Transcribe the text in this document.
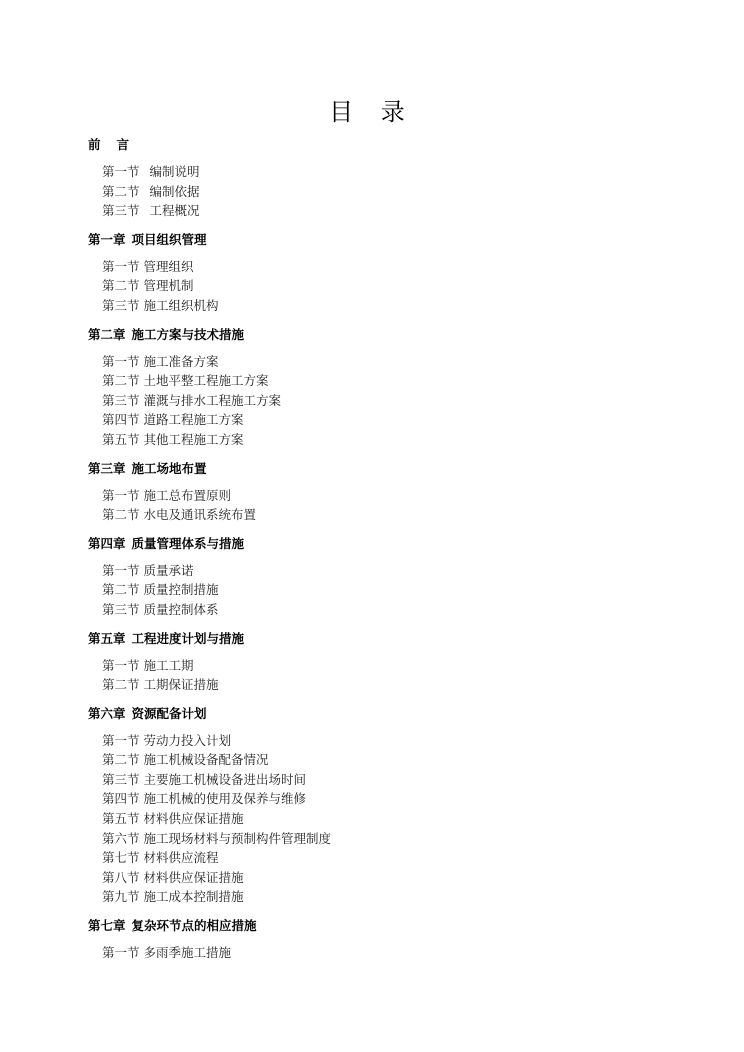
目 录
前 言
第一节 编制说明
第二节 编制依据
第三节 工程概况
第一章 项目组织管理
第一节 管理组织
第二节 管理机制
第三节 施工组织机构
第二章 施工方案与技术措施
第一节 施工准备方案
第二节 土地平整工程施工方案
第三节 灌溉与排水工程施工方案
第四节 道路工程施工方案
第五节 其他工程施工方案
第三章 施工场地布置
第一节 施工总布置原则
第二节 水电及通讯系统布置
第四章 质量管理体系与措施
第一节 质量承诺
第二节 质量控制措施
第三节 质量控制体系
第五章 工程进度计划与措施
第一节 施工工期
第二节 工期保证措施
第六章 资源配备计划
第一节 劳动力投入计划
第二节 施工机械设备配备情况
第三节 主要施工机械设备进出场时间
第四节 施工机械的使用及保养与维修
第五节 材料供应保证措施
第六节 施工现场材料与预制构件管理制度
第七节 材料供应流程
第八节 材料供应保证措施
第九节 施工成本控制措施
第七章 复杂环节点的相应措施
第一节 多雨季施工措施
